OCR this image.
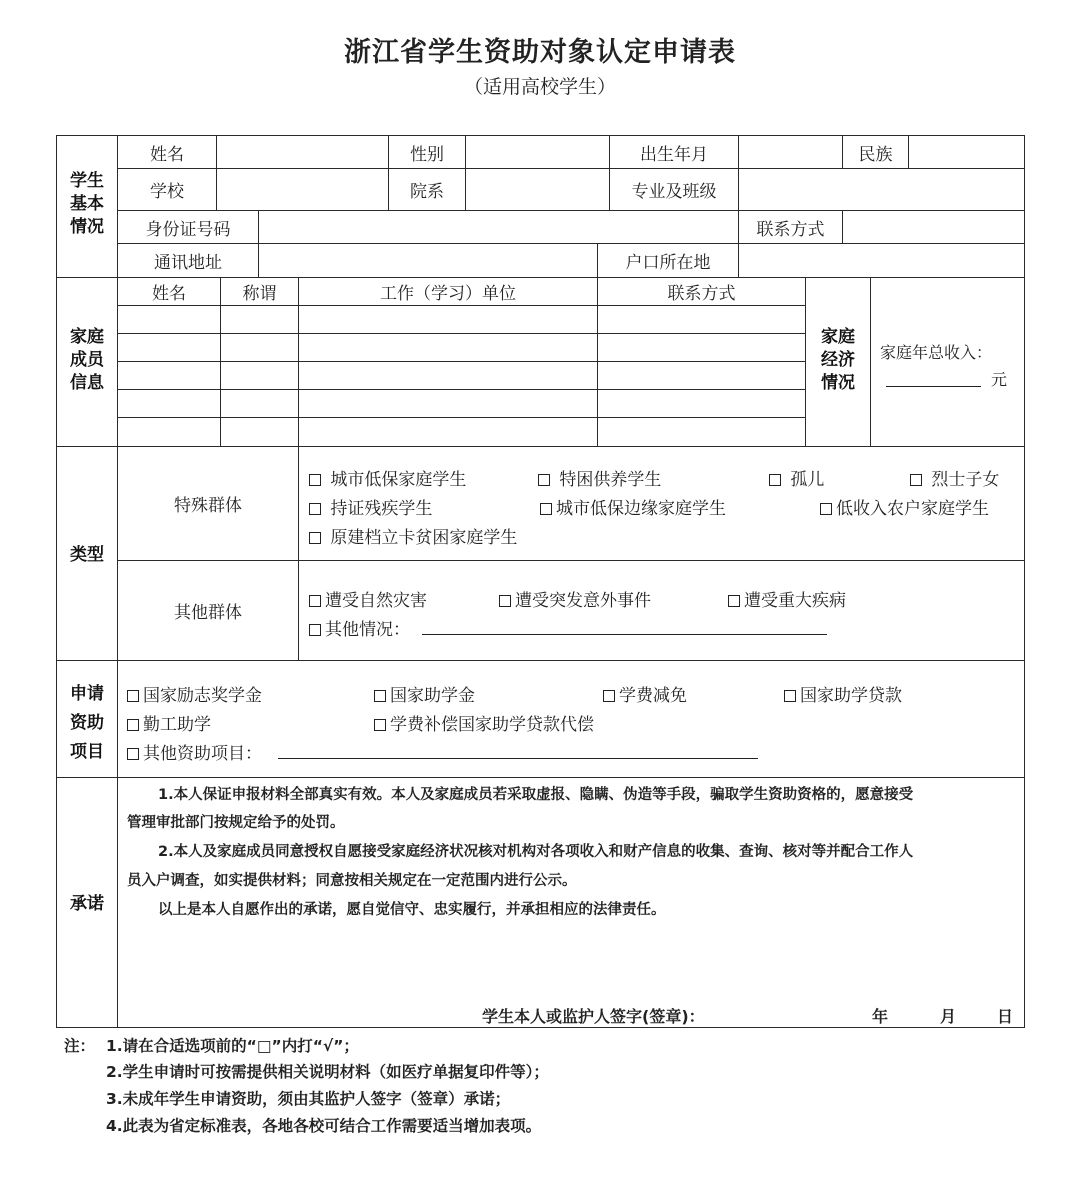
浙江省学生资助对象认定申请表
（适用高校学生）
学生
基本
情况
姓名	性别	出生年月	民族
学校	院系	专业及班级
身份证号码	联系方式
通讯地址	户口所在地
家庭
成员
信息
姓名	称谓	工作（学习）单位	联系方式
家庭
经济
情况
家庭年总收入：
元
类型
特殊群体
城市低保家庭学生	特困供养学生	孤儿	烈士子女
持证残疾学生	城市低保边缘家庭学生	低收入农户家庭学生
原建档立卡贫困家庭学生
其他群体
遭受自然灾害	遭受突发意外事件	遭受重大疾病
其他情况：
申请
资助
项目
国家励志奖学金	国家助学金	学费减免	国家助学贷款
勤工助学	学费补偿国家助学贷款代偿
其他资助项目：
承诺
1.本人保证申报材料全部真实有效。本人及家庭成员若采取虚报、隐瞒、伪造等手段，骗取学生资助资格的，愿意接受
管理审批部门按规定给予的处罚。
2.本人及家庭成员同意授权自愿接受家庭经济状况核对机构对各项收入和财产信息的收集、查询、核对等并配合工作人
员入户调查，如实提供材料；同意按相关规定在一定范围内进行公示。
以上是本人自愿作出的承诺，愿自觉信守、忠实履行，并承担相应的法律责任。
学生本人或监护人签字(签章)：	年	月	日
注： 1.请在合适选项前的“□”内打“√”；
2.学生申请时可按需提供相关说明材料（如医疗单据复印件等）；
3.未成年学生申请资助，须由其监护人签字（签章）承诺；
4.此表为省定标准表，各地各校可结合工作需要适当增加表项。
